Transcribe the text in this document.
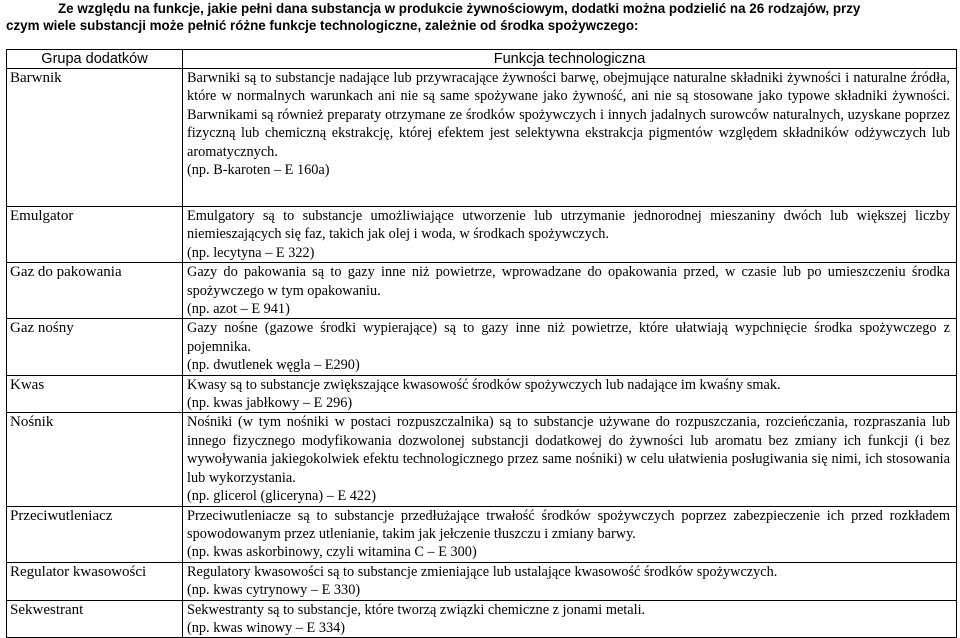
Ze względu na funkcje, jakie pełni dana substancja w produkcie żywnościowym, dodatki można podzielić na 26 rodzajów, przy
czym wiele substancji może pełnić różne funkcje technologiczne, zależnie od środka spożywczego:
Grupa dodatków	Funkcja technologiczna
Barwnik	Barwniki są to substancje nadające lub przywracające żywności barwę, obejmujące naturalne składniki żywności i naturalne źródła, które w normalnych warunkach ani nie są same spożywane jako żywność, ani nie są stosowane jako typowe składniki żywności. Barwnikami są również preparaty otrzymane ze środków spożywczych i innych jadalnych surowców naturalnych, uzyskane poprzez fizyczną lub chemiczną ekstrakcję, której efektem jest selektywna ekstrakcja pigmentów względem składników odżywczych lub aromatycznych.
(np. B-karoten – E 160a)

Emulgator	Emulgatory są to substancje umożliwiające utworzenie lub utrzymanie jednorodnej mieszaniny dwóch lub większej liczby niemieszających się faz, takich jak olej i woda, w środkach spożywczych.
(np. lecytyna – E 322)

Gaz do pakowania	Gazy do pakowania są to gazy inne niż powietrze, wprowadzane do opakowania przed, w czasie lub po umieszczeniu środka spożywczego w tym opakowaniu.
(np. azot – E 941)

Gaz nośny	Gazy nośne (gazowe środki wypierające) są to gazy inne niż powietrze, które ułatwiają wypchnięcie środka spożywczego z pojemnika.
(np. dwutlenek węgla – E290)

Kwas	Kwasy są to substancje zwiększające kwasowość środków spożywczych lub nadające im kwaśny smak.
(np. kwas jabłkowy – E 296)

Nośnik	Nośniki (w tym nośniki w postaci rozpuszczalnika) są to substancje używane do rozpuszczania, rozcieńczania, rozpraszania lub innego fizycznego modyfikowania dozwolonej substancji dodatkowej do żywności lub aromatu bez zmiany ich funkcji (i bez wywoływania jakiegokolwiek efektu technologicznego przez same nośniki) w celu ułatwienia posługiwania się nimi, ich stosowania lub wykorzystania.
(np. glicerol (gliceryna) – E 422)

Przeciwutleniacz	Przeciwutleniacze są to substancje przedłużające trwałość środków spożywczych poprzez zabezpieczenie ich przed rozkładem spowodowanym przez utlenianie, takim jak jełczenie tłuszczu i zmiany barwy.
(np. kwas askorbinowy, czyli witamina C – E 300)

Regulator kwasowości	Regulatory kwasowości są to substancje zmieniające lub ustalające kwasowość środków spożywczych.
(np. kwas cytrynowy – E 330)

Sekwestrant	Sekwestranty są to substancje, które tworzą związki chemiczne z jonami metali.
(np. kwas winowy – E 334)
